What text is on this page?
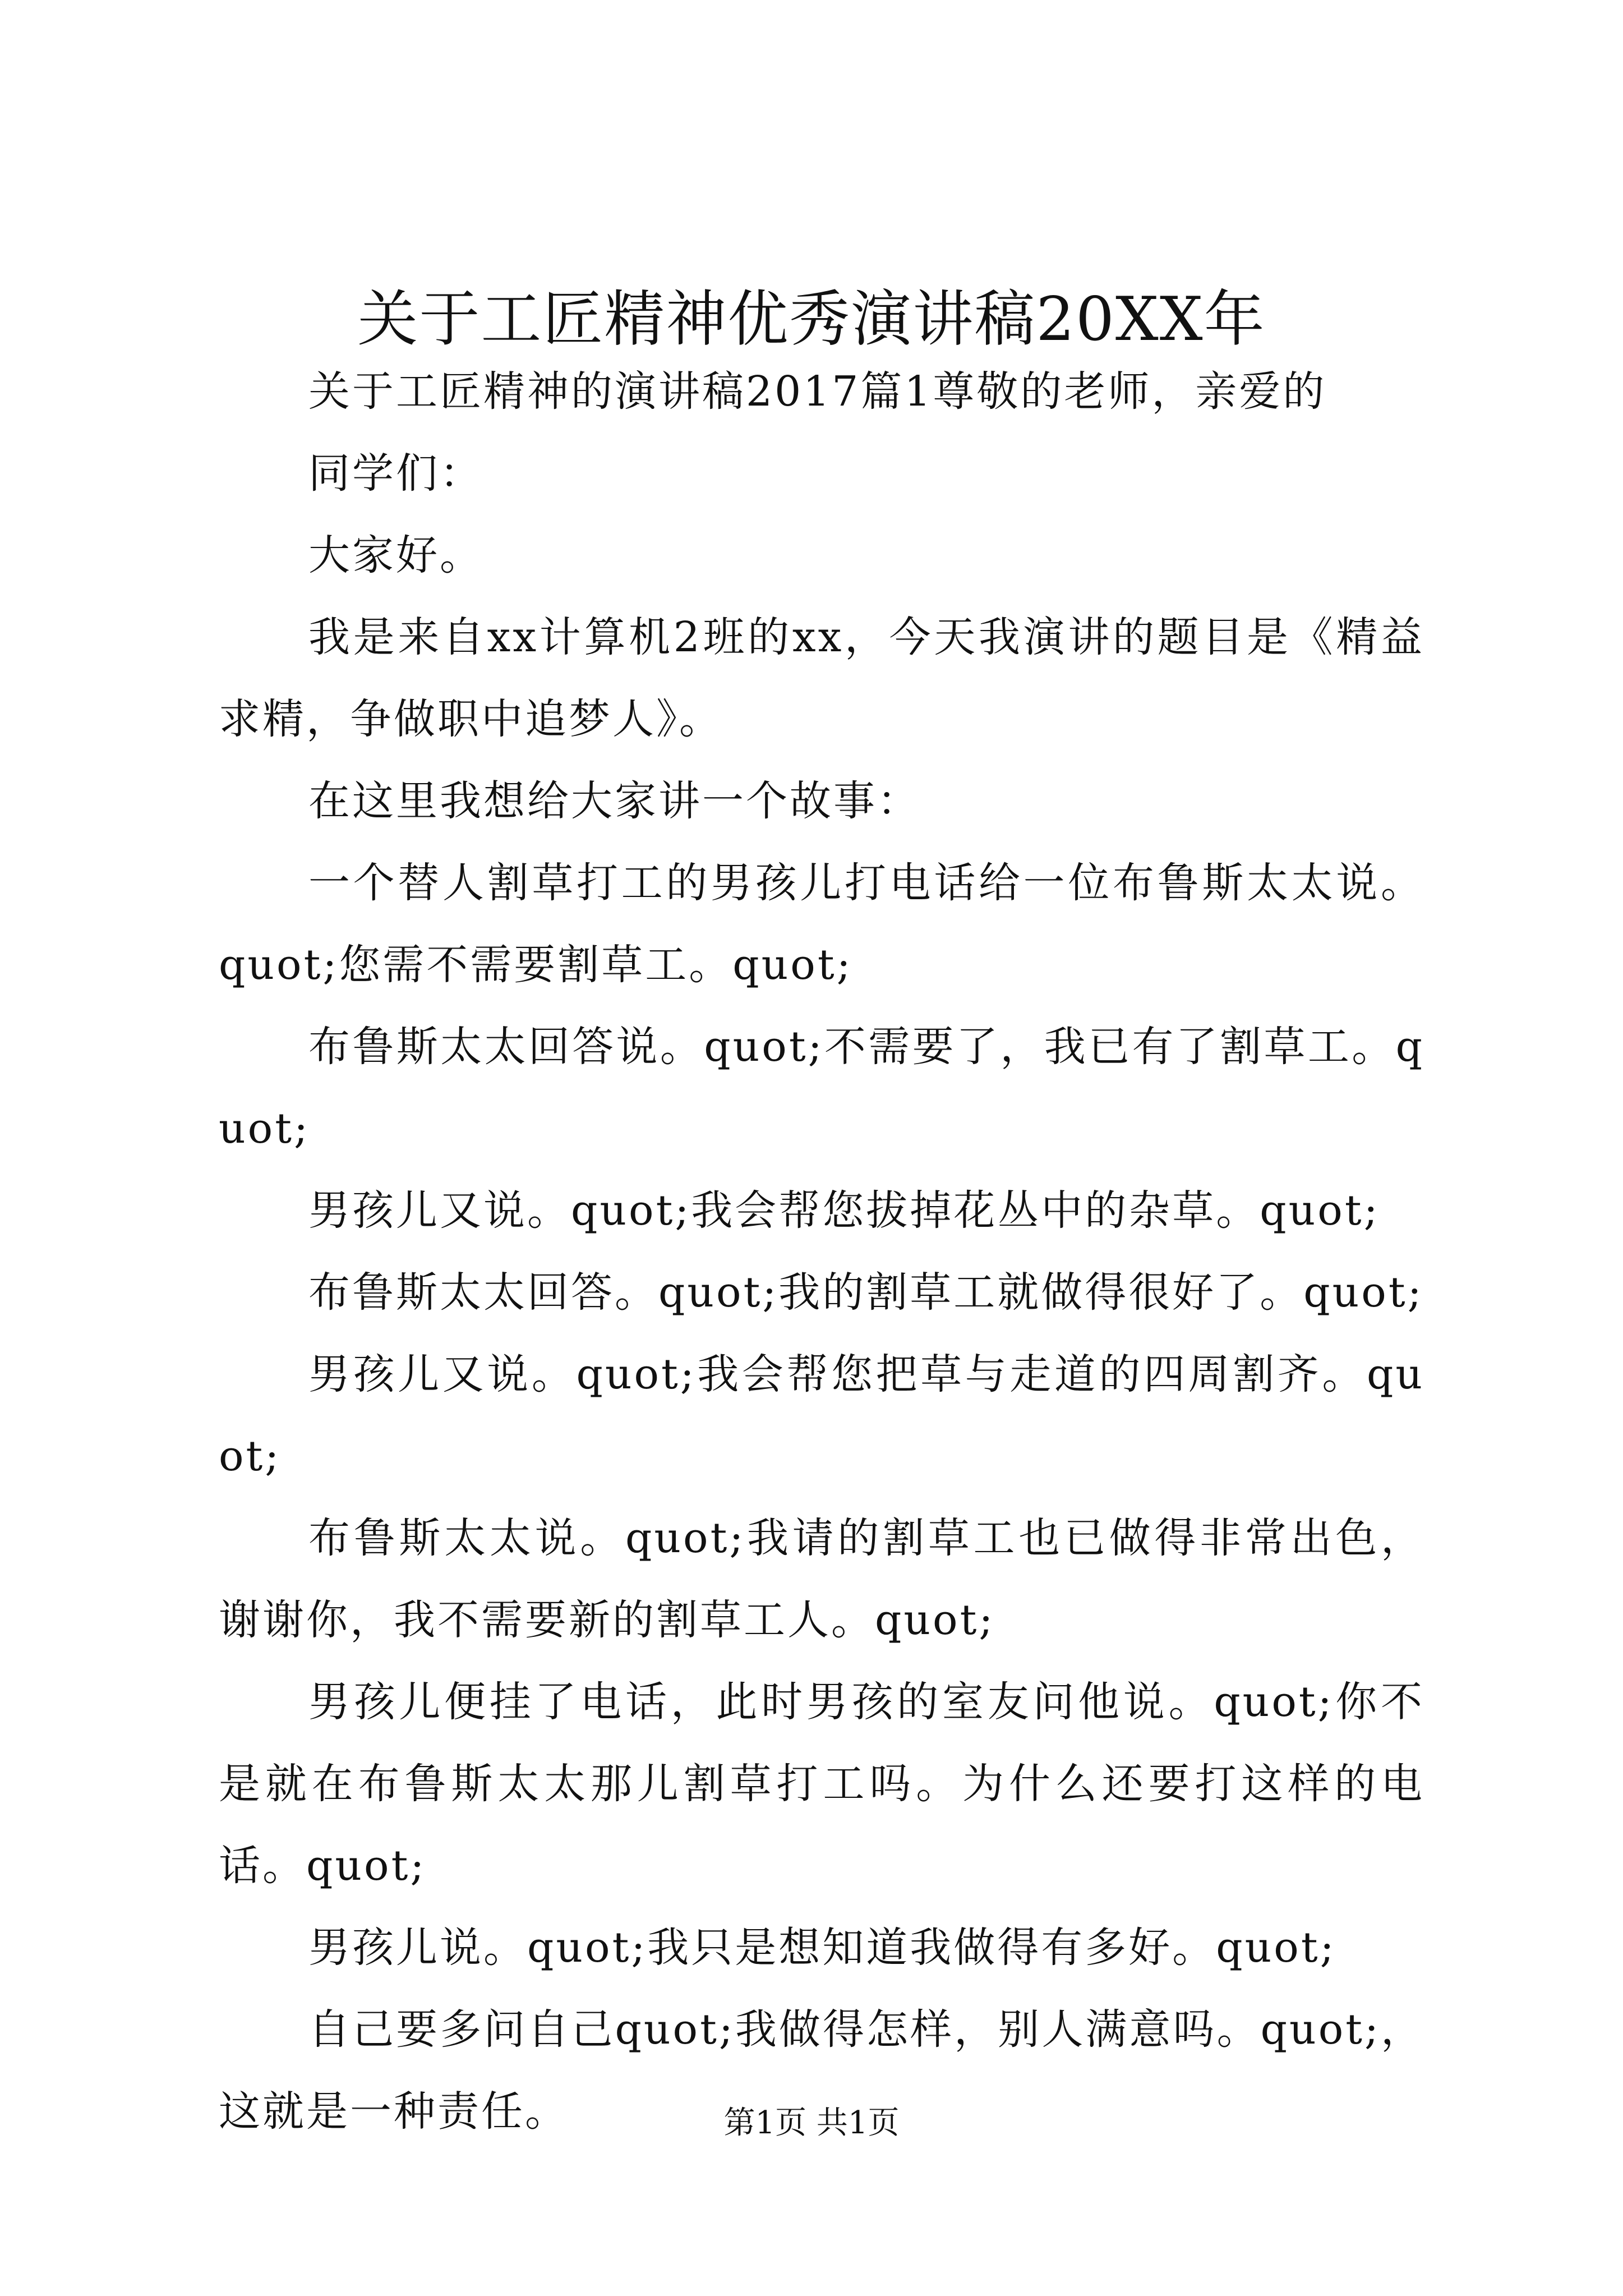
关于工匠精神优秀演讲稿20XX年

关于工匠精神的演讲稿2017篇1尊敬的老师，亲爱的

同学们：

大家好。

我是来自xx计算机2班的xx，今天我演讲的题目是《精益求精，争做职中追梦人》。

在这里我想给大家讲一个故事：

一个替人割草打工的男孩儿打电话给一位布鲁斯太太说。quot;您需不需要割草工。quot;

布鲁斯太太回答说。quot;不需要了，我已有了割草工。quot;

男孩儿又说。quot;我会帮您拔掉花丛中的杂草。quot;

布鲁斯太太回答。quot;我的割草工就做得很好了。quot;

男孩儿又说。quot;我会帮您把草与走道的四周割齐。quot;

布鲁斯太太说。quot;我请的割草工也已做得非常出色，谢谢你，我不需要新的割草工人。quot;

男孩儿便挂了电话，此时男孩的室友问他说。quot;你不是就在布鲁斯太太那儿割草打工吗。为什么还要打这样的电话。quot;

男孩儿说。quot;我只是想知道我做得有多好。quot;

自己要多问自己quot;我做得怎样，别人满意吗。quot;，这就是一种责任。	第1页 共1页
